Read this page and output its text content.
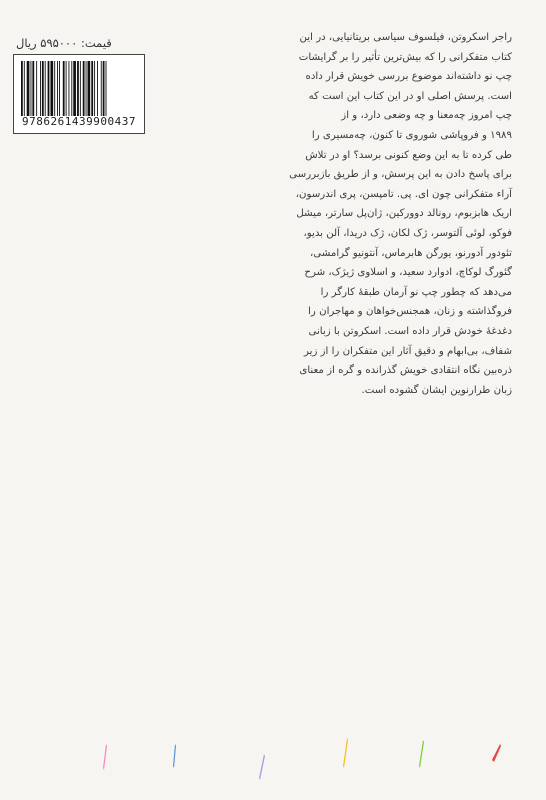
قیمت: ۵۹۵۰۰۰ ریال
9786261439900437

راجر اسکروتن، فیلسوف سیاسی بریتانیایی، در این
کتاب متفکرانی را که بیش‌ترین تأثیر را بر گرایشات
چپ نو داشته‌اند موضوع بررسی خویش قرار داده
است. پرسش اصلی او در این کتاب این است که
چپ امروز چه‌معنا و چه وضعی دارد، و از
۱۹۸۹ و فروپاشی شوروی تا کنون، چه‌مسیری را
طی کرده تا به این وضع کنونی برسد؟ او در تلاش
برای پاسخ دادن به این پرسش، و از طریق بازبررسی
آراء متفکرانی چون ای. پی. تامپسن، پری اندرسون،
اریک هابزبوم، رونالد دوورکین، ژان‌پل سارتر، میشل
فوکو، لوئی آلتوسر، ژک لکان، ژک دریدا، آلن بدیو،
تئودور آدورنو، یورگن هابرماس، آنتونیو گرامشی،
گئورگ لوکاچ، ادوارد سعید، و اسلاوی ژیژک، شرح
می‌دهد که چطور چپ نو آرمان طبقهٔ کارگر را
فروگذاشته و زنان، همجنس‌خواهان و مهاجران را
دغدغهٔ خودش قرار داده است. اسکروتن با زبانی
شفاف، بی‌ابهام و دقیق آثار این متفکران را از زیر
ذره‌بین نگاه انتقادی خویش گذرانده و گره از معنای
زبان طرارنوین ایشان گشوده است.
